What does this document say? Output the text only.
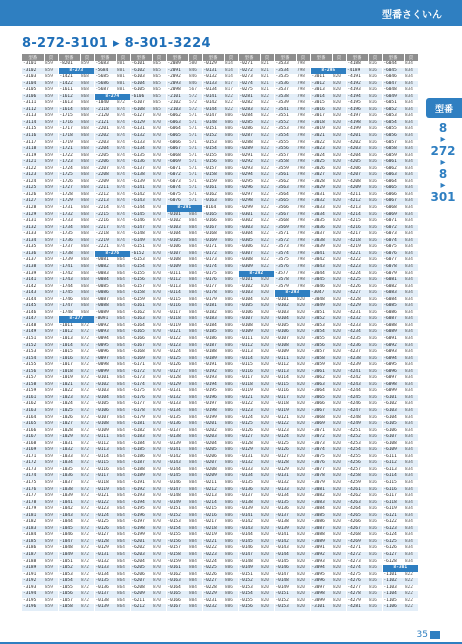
型番さくいん
8-272-3101 ▸ 8-301-3224
型番	頁	型番	頁	型番	頁	型番	頁	型番	頁	型番	頁	型番	頁	型番	頁	型番	頁	型番	頁	型番	頁	
-3101	859	-8201	859	-5683	801	-6101	865	-2089	500	-0129	814	-0271	821	-3533	798			-4188	816	-6044	834				
-3102	859	8-273		-5684	801	-6102	865	-2091	846	-0131	814	-0272	821	-3534	798	8-295		-4189	816	-6045	834				
-3103	859	-1421	868	-5685	801	-6103	865	-2092	846	-0132	814	-0273	821	-3535	798	-3011	820	-4191	816	-6046	834				
-3104	859	-1422	868	-5686	801	-6104	865	-2093	846	-0133	817	-0274	821	-3536	798	-3012	820	-4192	816	-6047	834				
-3105	859	-1611	868	-5687	801	-6105	865	-2098	567	-0134	817	-0275	821	-3537	798	-3013	820	-4193	816	-6048	834				
-3106	859	-1612	868	8-274		-6106	865	-2101	572	-0141	822	-0281	822	-3538	798	-3014	820	-4194	816	-6049	834				
-3111	859	-1613	868	-1040	872	-6107	865	-2102	572	-0142	822	-0282	822	-3539	798	-3015	820	-4195	816	-6051	834				
-3112	859	-1614	868	-2118	874	-6108	865	-2103	572	-0144	822	-0283	822	-3541	798	-3016	820	-4196	816	-6052	834				
-3113	859	-1715	868	-2120	874	-6127	870	-6062	571	-0147	806	-0284	822	-3551	798	-3017	820	-4197	816	-6053	834				
-3114	859	-1716	868	-2121	874	-6129	870	-6063	571	-0148	806	-0285	822	-3552	798	-3018	820	-4198	816	-6054	834				
-3115	859	-1717	868	-2201	874	-6131	870	-6064	571	-0151	806	-0286	822	-3553	798	-3019	820	-4199	816	-6055	834				
-3116	859	-1718	868	-2202	874	-6132	870	-6065	571	-0152	806	-0287	822	-3554	798	-3021	820	-4201	816	-6056	834				
-3117	859	-1719	868	-2203	874	-6133	870	-6066	571	-0153	806	-0288	822	-3555	798	-3022	820	-4202	816	-6057	834				
-3118	859	-1721	868	-2204	874	-6134	870	-6067	571	-0154	806	-0289	822	-3556	798	-3023	820	-4203	816	-6058	834				
-3119	859	-1722	868	-2205	874	-6135	870	-6068	571	-0155	806	-0291	822	-3557	798	-3024	820	-4204	816	-6059	834				
-3121	859	-1723	868	-2206	874	-6136	870	-6069	571	-0156	806	-0292	822	-3558	798	-3025	820	-4205	816	-6061	834				
-3122	859	-1724	868	-2207	874	-6137	870	-6071	571	-0157	806	-0293	822	-3559	798	-3026	820	-4206	816	-6062	834				
-3123	859	-1725	868	-2208	874	-6138	870	-6072	571	-0158	806	-0294	822	-3561	798	-3027	820	-4207	816	-6063	834				
-3124	859	-1726	868	-2209	874	-6139	870	-6073	571	-0159	806	-0295	822	-3562	798	-3028	820	-4208	816	-6064	834				
-3125	859	-1727	868	-2211	874	-6141	870	-6074	571	-0161	806	-0296	822	-3563	798	-3029	820	-4209	816	-6065	834				
-3126	859	-1728	868	-2212	874	-6142	870	-6075	571	-0162	806	-0297	822	-3564	798	-3031	820	-4211	816	-6066	834				
-3127	859	-1729	868	-2213	874	-6143	870	-6076	571	-0163	806	-0298	822	-3565	798	-3032	820	-4212	816	-6067	834				
-3128	859	-1731	868	-2214	874	-6144	870	8-291		-0164	806	-0299	822	-3566	798	-3033	820	-4213	816	-6068	834				
-3129	859	-1732	868	-2215	874	-6145	870	-0101	804	-0165	806	-0301	822	-3567	798	-3034	820	-4214	816	-6069	834				
-3131	859	-1733	868	-2216	874	-6146	870	-0102	804	-0166	806	-0302	822	-3568	798	-3035	820	-4215	816	-6071	834				
-3132	859	-1734	868	-2217	874	-6147	870	-0103	804	-0167	806	-0303	822	-3569	798	-3036	820	-4216	816	-6072	834				
-3133	859	-1735	868	-2218	874	-6148	870	-0104	804	-0168	806	-0304	822	-3571	798	-3037	820	-4217	816	-6073	834				
-3134	859	-1736	868	-2219	874	-6149	870	-0105	804	-0169	806	-0305	822	-3572	798	-3038	820	-4218	816	-6074	834				
-3135	859	-1737	868	-2221	874	-6151	870	-0106	804	-0171	806	-0306	822	-3573	798	-3039	820	-4219	816	-6075	834				
-3136	859	-1738	868	8-276		-6152	870	-0107	804	-0172	806	-0307	822	-3574	798	-3041	820	-4221	816	-6076	834				
-3137	859	-1739	868	-0081	864	-6153	870	-0108	804	-0173	806	-0308	822	-3575	798	-3042	820	-4222	816	-6077	834				
-3138	859	-1741	868	-0082	864	-6154	870	-0109	804	-0174	806	-0309	822	-3576	798	-3043	820	-4223	816	-6078	834				
-3139	859	-1742	868	-0083	864	-6155	870	-0111	804	-0175	806	8-292		-3577	798	-3044	820	-4224	816	-6079	834				
-3141	859	-1743	868	-0084	864	-6156	870	-0112	804	-0176	806	-0101	820	-3578	798	-3045	820	-4225	816	-6081	834				
-3142	859	-1744	868	-0085	864	-6157	870	-0113	804	-0177	806	-0102	820	-3579	798	-3046	820	-4226	816	-6082	834				
-3143	859	-1745	868	-0086	864	-6158	870	-0114	804	-0178	806	-0103	820	8-293		-3047	820	-4227	816	-6083	834				
-3144	859	-1746	868	-0087	864	-6159	870	-0115	804	-0179	806	-0104	820	-0101	820	-3048	820	-4228	816	-6084	834				
-3145	859	-1747	868	-0088	864	-6161	870	-0116	804	-0181	806	-0105	820	-0102	820	-3049	820	-4229	816	-6085	834				
-3146	859	-1748	868	-0089	864	-6162	870	-0117	804	-0182	806	-0106	820	-0103	820	-3051	820	-4231	816	-6086	834				
-3147	859	8-277		-0091	864	-6163	870	-0118	804	-0183	806	-0107	820	-0104	820	-3052	820	-4232	816	-6087	834				
-3148	859	-1011	872	-0092	864	-6164	870	-0119	804	-0184	806	-0108	820	-0105	820	-3053	820	-4233	816	-6088	834				
-3149	859	-1012	872	-0093	864	-6165	870	-0121	804	-0185	806	-0109	820	-0106	820	-3054	820	-4234	816	-6089	834				
-3151	859	-1013	872	-0094	864	-6166	870	-0122	804	-0186	806	-0111	820	-0107	820	-3055	820	-4235	816	-6091	834				
-3152	859	-1014	872	-0095	864	-6167	870	-0123	804	-0187	806	-0112	820	-0108	820	-3056	820	-4236	816	-6092	834				
-3153	859	-1015	872	-0096	864	-6168	870	-0124	804	-0188	806	-0113	820	-0109	820	-3057	820	-4237	816	-6093	834				
-3154	859	-1016	872	-0097	864	-6169	870	-0125	804	-0189	806	-0114	820	-0111	820	-3058	820	-4238	816	-6094	834				
-3155	859	-1017	872	-0098	864	-6171	870	-0126	804	-0191	806	-0115	820	-0112	820	-3059	820	-4239	816	-6095	834				
-3156	859	-1018	872	-0099	864	-6172	870	-0127	804	-0192	806	-0116	820	-0113	820	-3061	820	-4241	816	-6096	834				
-3157	859	-1019	872	-0101	864	-6173	870	-0128	804	-0193	806	-0117	820	-0114	820	-3062	820	-4242	816	-6097	834				
-3158	859	-1021	872	-0102	864	-6174	870	-0129	804	-0194	806	-0118	820	-0115	820	-3063	820	-4243	816	-6098	834				
-3159	859	-1022	872	-0103	864	-6175	870	-0131	804	-0195	806	-0119	820	-0116	820	-3064	820	-4244	816	-6099	834				
-3161	859	-1023	872	-0104	864	-6176	870	-0132	804	-0196	806	-0121	820	-0117	820	-3065	820	-4245	816	-6101	834				
-3162	859	-1024	872	-0105	864	-6177	870	-0133	804	-0197	806	-0122	820	-0118	820	-3066	820	-4246	816	-6102	834				
-3163	859	-1025	872	-0106	864	-6178	870	-0134	804	-0198	806	-0123	820	-0119	820	-3067	820	-4247	816	-6103	834				
-3164	859	-1026	872	-0107	864	-6179	870	-0135	804	-0199	806	-0124	820	-0121	820	-3068	820	-4248	816	-6104	834				
-3165	859	-1027	872	-0108	864	-6181	870	-0136	804	-0201	806	-0125	820	-0122	820	-3069	820	-4249	816	-6105	834				
-3166	859	-1028	872	-0109	864	-6182	870	-0137	804	-0202	806	-0126	820	-0123	820	-3071	820	-4251	816	-6106	834				
-3167	859	-1029	872	-0111	864	-6183	870	-0138	804	-0203	806	-0127	820	-0124	820	-3072	820	-4252	816	-6107	834				
-3168	859	-1031	872	-0112	864	-6184	870	-0139	804	-0204	806	-0128	820	-0125	820	-3073	820	-4253	816	-6108	834				
-3169	859	-1032	872	-0113	864	-6185	870	-0141	804	-0205	806	-0129	820	-0126	820	-3074	820	-4254	816	-6109	834				
-3171	859	-1033	872	-0114	864	-6186	870	-0142	804	-0206	806	-0131	820	-0127	820	-3075	820	-4255	816	-6111	834				
-3172	859	-1034	872	-0115	864	-6187	870	-0143	804	-0207	806	-0132	820	-0128	820	-3076	820	-4256	816	-6112	834				
-3173	859	-1035	872	-0116	864	-6188	870	-0144	804	-0208	806	-0133	820	-0129	820	-3077	820	-4257	816	-6113	834				
-3174	859	-1036	872	-0117	864	-6189	870	-0145	804	-0209	806	-0134	820	-0131	820	-3078	820	-4258	816	-6114	834				
-3175	859	-1037	872	-0118	864	-6191	870	-0146	804	-0211	806	-0135	820	-0132	820	-3079	820	-4259	816	-6115	834				
-3176	859	-1038	872	-0119	864	-6192	870	-0147	804	-0212	806	-0136	820	-0133	820	-3081	820	-4261	816	-6116	834				
-3177	859	-1039	872	-0121	864	-6193	870	-0148	804	-0213	806	-0137	820	-0134	820	-3082	820	-4262	816	-6117	834				
-3178	859	-1041	872	-0122	864	-6194	870	-0149	804	-0214	806	-0138	820	-0135	820	-3083	820	-4263	816	-6118	834				
-3179	859	-1042	872	-0123	864	-6195	870	-0151	804	-0215	806	-0139	820	-0136	820	-3084	820	-4264	816	-6119	834				
-3181	859	-1043	872	-0124	864	-6196	870	-0152	804	-0216	806	-0141	820	-0137	820	-3085	820	-4265	816	-6121	834				
-3182	859	-1044	872	-0125	864	-6197	870	-0153	804	-0217	806	-0142	820	-0138	820	-3086	820	-4266	816	-6122	834				
-3183	859	-1045	872	-0126	864	-6198	870	-0154	804	-0218	806	-0143	820	-0139	820	-3087	820	-4267	816	-6123	834				
-3184	859	-1046	872	-0127	864	-6199	870	-0155	804	-0219	806	-0144	820	-0141	820	-3088	820	-4268	816	-6124	834				
-3185	859	-1047	872	-0128	864	-6201	870	-0156	804	-0221	806	-0145	820	-0142	820	-3089	820	-4269	816	-6125	834				
-3186	859	-1048	872	-0129	864	-6202	870	-0157	804	-0222	806	-0146	820	-0143	820	-3091	820	-4271	816	-6126	834				
-3187	859	-1049	872	-0131	864	-6203	870	-0158	804	-0223	806	-0147	820	-0144	820	-3092	820	-4272	816	-6127	834				
-3188	859	-1051	872	-0132	864	-6204	870	-0159	804	-0224	806	-0148	820	-0145	820	-3093	820	-4273	816	-6128	834				
-3189	859	-1052	872	-0133	864	-6205	870	-0161	804	-0225	806	-0149	820	-0146	820	-3094	820	-4274	816	8-301				
-3191	859	-1053	872	-0134	864	-6206	870	-0162	804	-0226	806	-0151	820	-0147	820	-3095	820	-4275	816	-1101	822				
-3192	859	-1054	872	-0135	864	-6207	870	-0163	804	-0227	806	-0152	820	-0148	820	-3096	820	-4276	816	-1102	822				
-3193	859	-1055	872	-0136	864	-6208	870	-0164	804	-0228	806	-0153	820	-0149	820	-3097	820	-4277	816	-1103	822				
-3194	859	-1056	872	-0137	864	-6209	870	-0165	804	-0229	806	-0154	820	-0151	820	-3098	820	-4278	816	-1104	822				
-3195	859	-1057	872	-0138	864	-6211	870	-0166	804	-0231	806	-0155	820	-0152	820	-3099	820	-4279	816	-1105	822				
-3196	859	-1058	872	-0139	864	-6212	870	-0167	804	-0232	806	-0156	820	-0153	820	-3101	820	-4281	816	-1106	822				
型番
8
▸
272
▸
8
▸
301
35
